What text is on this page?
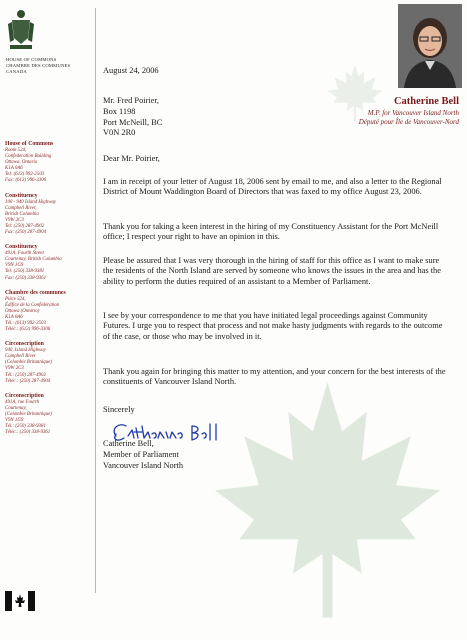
HOUSE OF COMMONS
CHAMBRE DES COMMUNES
CANADA
House of Commons
Room 524,
Confederation Building
Ottawa, Ontario
K1A 0A6
Tel: (613) 992-2503
Fax: (613) 996-3306
Constituency
100 - 940 Island Highway
Campbell River,
British Columbia
V9W 2C3
Tel: (250) 287-4902
Fax: (250) 287-4904
Constituency
491A, Fourth Street
Courtenay, British Columbia
V9N 1G9
Tel: (250) 338-9381
Fax: (250) 338-9361
Chambre des communes
Pièce 524,
Édifice de la Confédération
Ottawa (Ontario)
K1A 0A6
Tél.: (613) 992-2503
Téléc.: (613) 996-3306
Circonscription
940, Island Highway
Campbell River
(Colombie Britannique)
V9W 2C3
Tél.: (250) 287-4902
Téléc.: (250) 287-4904
Circonscription
491A, rue Fourth
Courtenay,
(Colombie Britannique)
V9N 1G9
Tél.: (250) 338-9381
Téléc.: (250) 338-9361
Catherine Bell
M.P. for Vancouver Island North
Député pour Île de Vancouver-Nord
August 24, 2006
Mr. Fred Poirier,
Box 1198
Port McNeill, BC
V0N 2R0
Dear Mr. Poirier,
I am in receipt of your letter of August 18, 2006 sent by email to me, and also a letter to the Regional District of Mount Waddington Board of Directors that was faxed to my office August 23, 2006.
Thank you for taking a keen interest in the hiring of my Constituency Assistant for the Port McNeill office; I respect your right to have an opinion in this.
Please be assured that I was very thorough in the hiring of staff for this office as I want to make sure the residents of the North Island are served by someone who knows the issues in the area and has the ability to perform the duties required of an assistant to a Member of Parliament.
I see by your correspondence to me that you have initiated legal proceedings against Community Futures. I urge you to respect that process and not make hasty judgments with regards to the outcome of the case, or those who may be involved in it.
Thank you again for bringing this matter to my attention, and your concern for the best interests of the constituents of Vancouver Island North.
Sincerely
Catherine Bell,
Member of Parliament
Vancouver Island North
